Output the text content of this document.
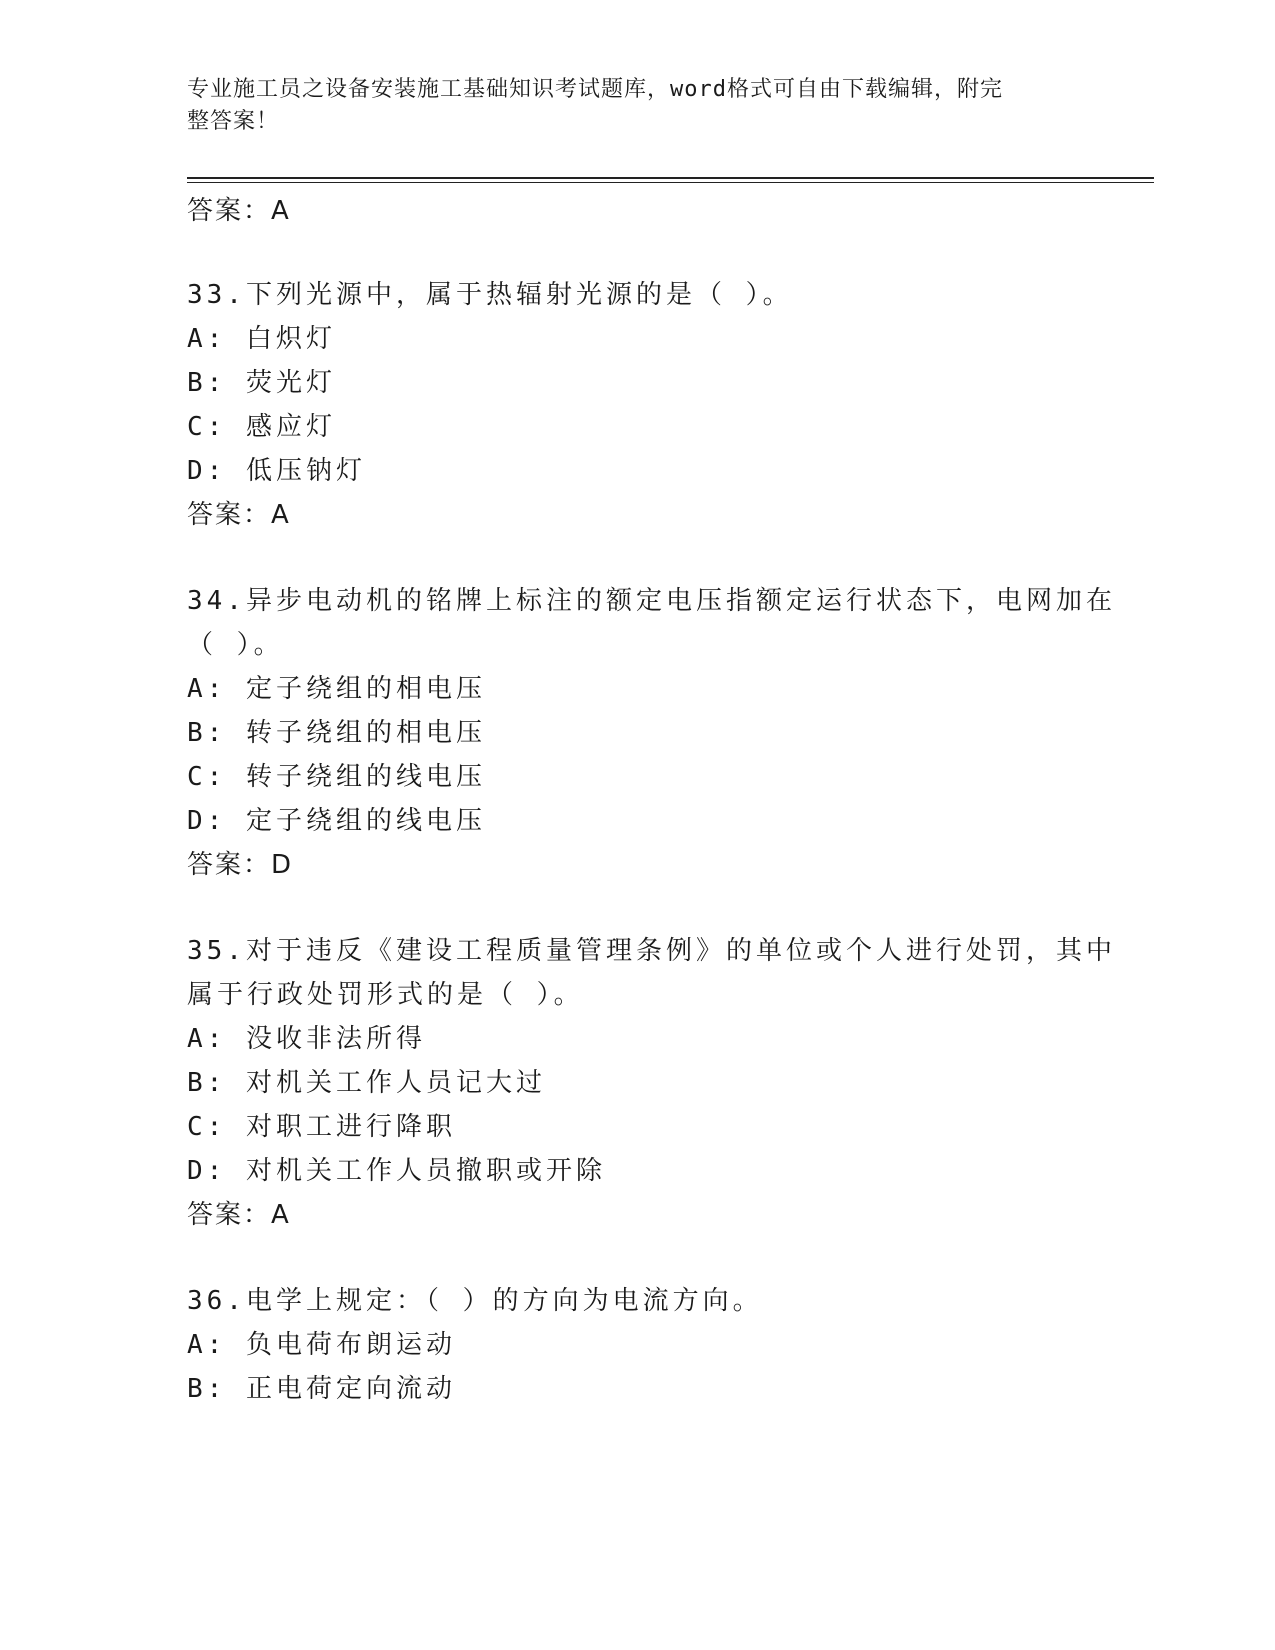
专业施工员之设备安装施工基础知识考试题库，word格式可自由下载编辑，附完
整答案！
答案：A
33.下列光源中，属于热辐射光源的是（ ）。
A: 白炽灯
B: 荧光灯
C: 感应灯
D: 低压钠灯
答案：A
34.异步电动机的铭牌上标注的额定电压指额定运行状态下，电网加在
（ ）。
A: 定子绕组的相电压
B: 转子绕组的相电压
C: 转子绕组的线电压
D: 定子绕组的线电压
答案：D
35.对于违反《建设工程质量管理条例》的单位或个人进行处罚，其中
属于行政处罚形式的是（ ）。
A: 没收非法所得
B: 对机关工作人员记大过
C: 对职工进行降职
D: 对机关工作人员撤职或开除
答案：A
36.电学上规定：（ ）的方向为电流方向。
A: 负电荷布朗运动
B: 正电荷定向流动
